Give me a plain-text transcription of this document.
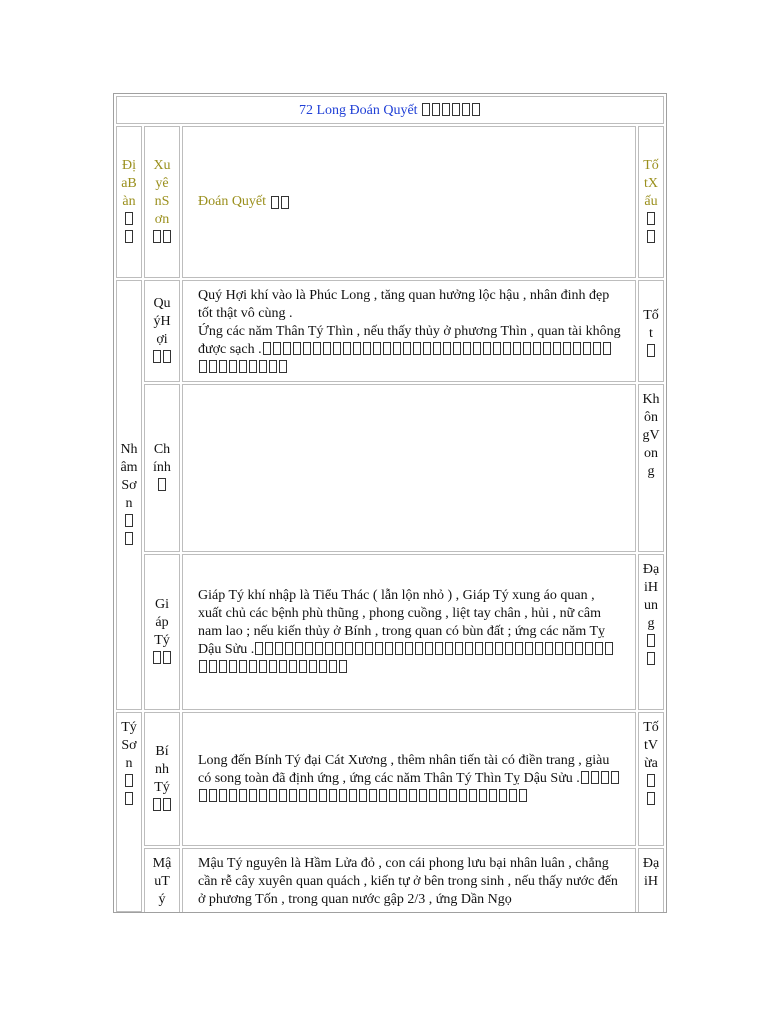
72 Long Đoán Quyết
ĐịaBàn

XuyênSơn

Đoán Quyết

TốtXấu

NhâmSơn

QuýHợi

Quý Hợi khí vào là Phúc Long , tăng quan hưởng lộc hậu , nhân đinh đẹp tốt thật vô cùng .
Ứng các năm Thân Tý Thìn , nếu thấy thủy ở phương Thìn , quan tài không được sạch .
Tốt

Chính

KhôngVong
GiápTý

Giáp Tý khí nhập là Tiểu Thác ( lẫn lộn nhỏ ) , Giáp Tý xung áo quan , xuất chủ các bệnh phù thũng , phong cuồng , liệt tay chân , hủi , nữ câm nam lao ; nếu kiến thủy ở Bính , trong quan có bùn đất ; ứng các năm Tỵ Dậu Sửu .
ĐạiHung

TýSơn

BínhTý

Long đến Bính Tý đại Cát Xương , thêm nhân tiến tài có điền trang , giàu có song toàn đã định ứng , ứng các năm Thân Tý Thìn Tỵ Dậu Sửu .
TốtVừa

MậuTý
Mậu Tý nguyên là Hầm Lửa đỏ , con cái phong lưu bại nhân luân , chẳng cần rễ cây xuyên quan quách , kiến tự ở bên trong sinh , nếu thấy nước đến ở phương Tốn , trong quan nước gập 2/3 , ứng Dần Ngọ
ĐạiH
